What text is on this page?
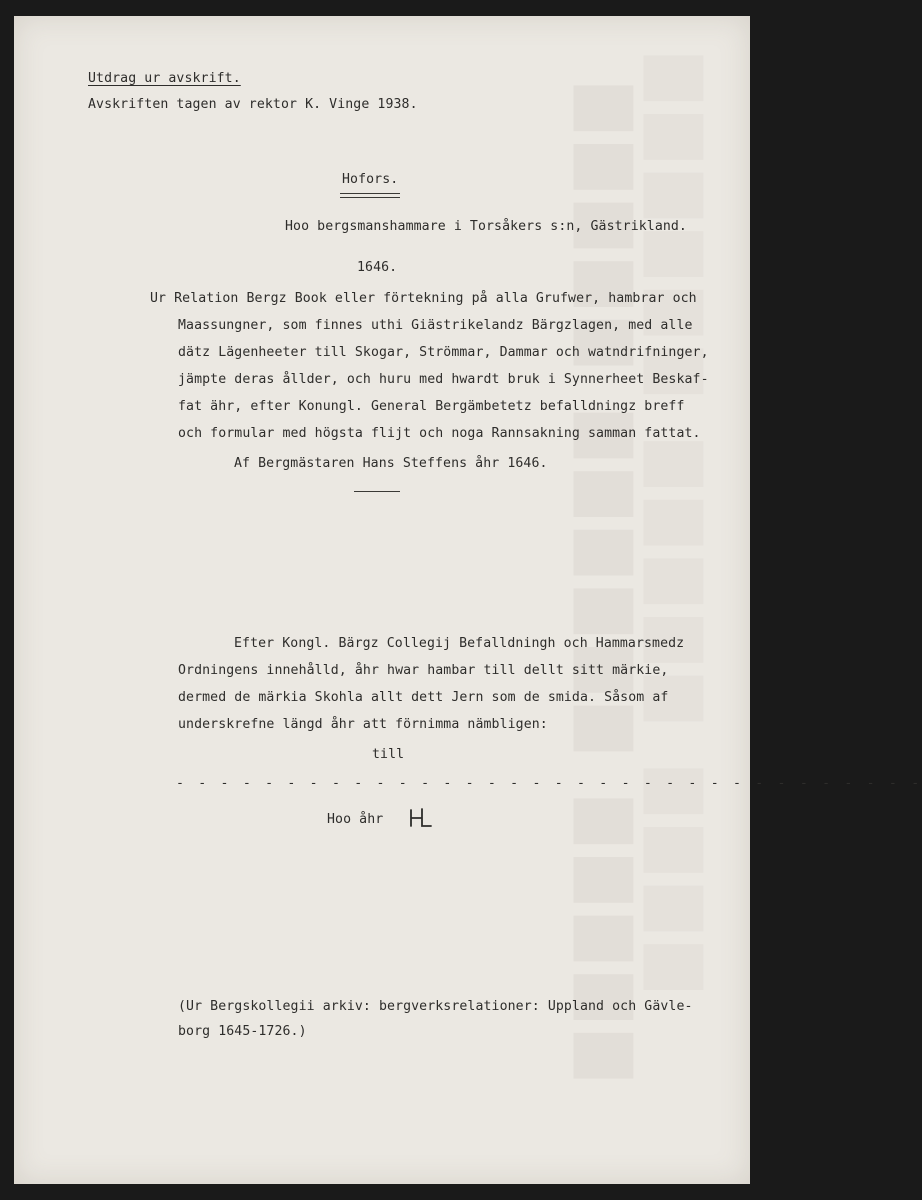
▇▇▇▇▇ ▇▇▇▇▇▇ ▇▇▇▇▇ ▇▇▇▇▇▇ ▇▇▇▇▇ ▇▇▇▇
Utdrag ur avskrift.
Avskriften tagen av rektor K. Vinge 1938.
Hofors.
Hoo bergsmanshammare i Torsåkers s:n, Gästrikland.
1646.
Ur Relation Bergz Book eller förtekning på alla Grufwer, hambrar och
Maassungner, som finnes uthi Giästrikelandz Bärgzlagen, med alle
dätz Lägenheeter till Skogar, Strömmar, Dammar och watndrifninger,
jämpte deras ållder, och huru med hwardt bruk i Synnerheet Beskaf-
fat ähr, efter Konungl. General Bergämbetetz befalldningz breff
och formular med högsta flijt och noga Rannsakning samman fattat.
Af Bergmästaren Hans Steffens åhr 1646.
Efter Kongl. Bärgz Collegij Befalldningh och Hammarsmedz
Ordningens innehålld, åhr hwar hambar till dellt sitt märkie,
dermed de märkia Skohla allt dett Jern som de smida. Såsom af
underskrefne längd åhr att förnimma nämbligen:
till
- - - - - - - - - - - - - - - - - - - - - - - - - - - - - - - - - -
Hoo åhr
(Ur Bergskollegii arkiv: bergverksrelationer: Uppland och Gävle-
borg 1645-1726.)
